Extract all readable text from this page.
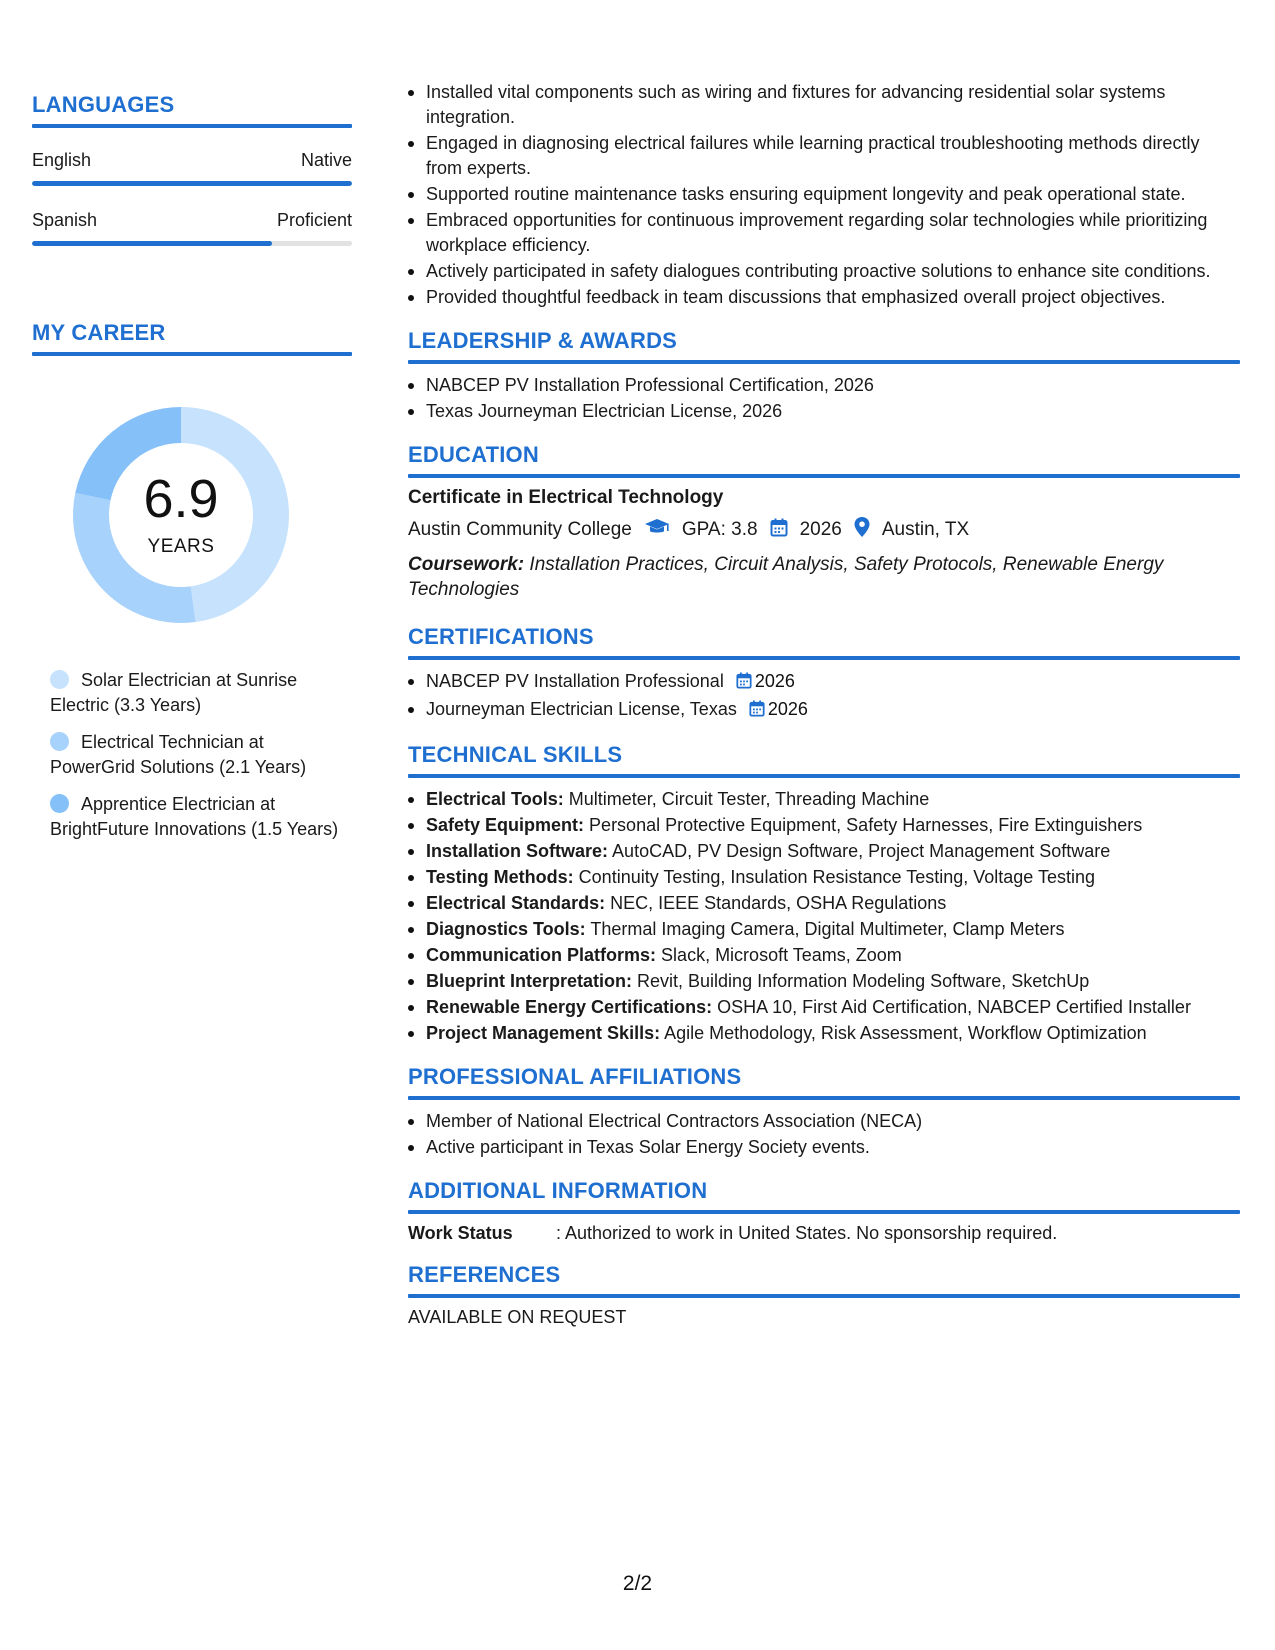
LANGUAGES
English	Native
Spanish	Proficient
MY CAREER
6.9
YEARS
Solar Electrician at Sunrise Electric (3.3 Years)
Electrical Technician at PowerGrid Solutions (2.1 Years)
Apprentice Electrician at BrightFuture Innovations (1.5 Years)
Installed vital components such as wiring and fixtures for advancing residential solar systems integration.
Engaged in diagnosing electrical failures while learning practical troubleshooting methods directly from experts.
Supported routine maintenance tasks ensuring equipment longevity and peak operational state.
Embraced opportunities for continuous improvement regarding solar technologies while prioritizing workplace efficiency.
Actively participated in safety dialogues contributing proactive solutions to enhance site conditions.
Provided thoughtful feedback in team discussions that emphasized overall project objectives.
LEADERSHIP & AWARDS
NABCEP PV Installation Professional Certification, 2026
Texas Journeyman Electrician License, 2026
EDUCATION
Certificate in Electrical Technology
Austin Community College	GPA: 3.8 2026 Austin, TX
Coursework: Installation Practices, Circuit Analysis, Safety Protocols, Renewable Energy Technologies
CERTIFICATIONS
NABCEP PV Installation Professional 2026
Journeyman Electrician License, Texas 2026
TECHNICAL SKILLS
Electrical Tools: Multimeter, Circuit Tester, Threading Machine
Safety Equipment: Personal Protective Equipment, Safety Harnesses, Fire Extinguishers
Installation Software: AutoCAD, PV Design Software, Project Management Software
Testing Methods: Continuity Testing, Insulation Resistance Testing, Voltage Testing
Electrical Standards: NEC, IEEE Standards, OSHA Regulations
Diagnostics Tools: Thermal Imaging Camera, Digital Multimeter, Clamp Meters
Communication Platforms: Slack, Microsoft Teams, Zoom
Blueprint Interpretation: Revit, Building Information Modeling Software, SketchUp
Renewable Energy Certifications: OSHA 10, First Aid Certification, NABCEP Certified Installer
Project Management Skills: Agile Methodology, Risk Assessment, Workflow Optimization
PROFESSIONAL AFFILIATIONS
Member of National Electrical Contractors Association (NECA)
Active participant in Texas Solar Energy Society events.
ADDITIONAL INFORMATION
Work Status	: Authorized to work in United States. No sponsorship required.
REFERENCES
AVAILABLE ON REQUEST
2/2
